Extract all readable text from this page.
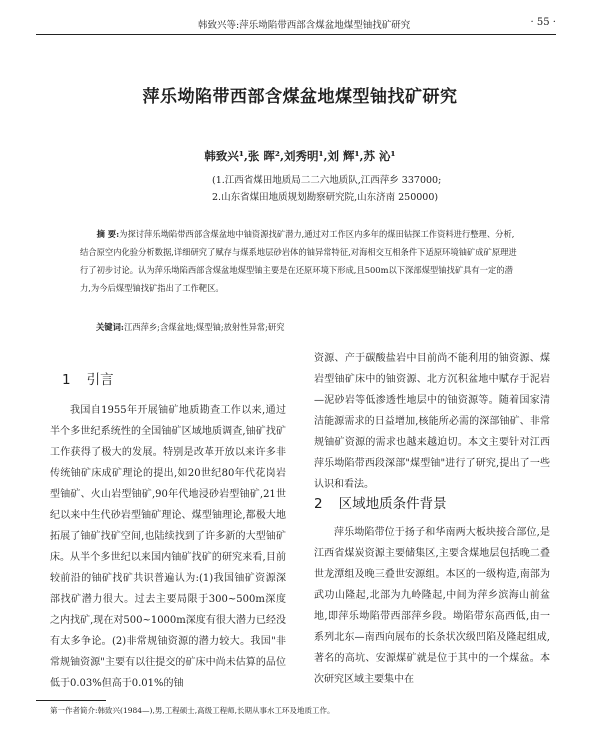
韩致兴等:萍乐坳陷带西部含煤盆地煤型铀找矿研究	· 55 ·
萍乐坳陷带西部含煤盆地煤型铀找矿研究
韩致兴¹,张 晖²,刘秀明¹,刘 辉¹,苏 沁¹
(1.江西省煤田地质局二二六地质队,江西萍乡 337000;
2.山东省煤田地质规划勘察研究院,山东济南 250000)

摘 要:为探讨萍乐坳陷带西部含煤盆地中铀资源找矿潜力,通过对工作区内多年的煤田钻探工作资料进行整理、分析,结合原空内化验分析数据,详细研究了赋存与煤系地层砂岩体的铀异常特征,对海相交互相条件下适原环境铀矿成矿原理进行了初步讨论。认为萍乐坳陷西部含煤盆地煤型铀主要是在还原环境下形成,且500m以下深部煤型铀找矿具有一定的潜力,为今后煤型铀找矿指出了工作靶区。

关键词:江西萍乡;含煤盆地;煤型铀;放射性异常;研究
1 引言

我国自1955年开展铀矿地质勘查工作以来,通过半个多世纪系统性的全国铀矿区域地质调查,铀矿找矿工作获得了极大的发展。特别是改革开放以来许多非传统铀矿床成矿理论的提出,如20世纪80年代花岗岩型铀矿、火山岩型铀矿,90年代地浸砂岩型铀矿,21世纪以来中生代砂岩型铀矿理论、煤型铀理论,都极大地拓展了铀矿找矿空间,也陆续找到了许多新的大型铀矿床。 从半个多世纪以来国内铀矿找矿的研究来看,目前较前沿的铀矿找矿共识普遍认为:(1)我国铀矿资源深部找矿潜力很大。过去主要局限于300~500m深度之内找矿,现在对500~1000m深度有很大潜力已经没有太多争论。(2)非常规铀资源的潜力较大。我国"非常规铀资源"主要有以往提交的矿床中尚未估算的品位低于0.03%但高于0.01%的铀

资源、产于碳酸盐岩中目前尚不能利用的铀资源、煤岩型铀矿床中的铀资源、北方沉积盆地中赋存于泥岩—泥砂岩等低渗透性地层中的铀资源等。随着国家清洁能源需求的日益增加,核能所必需的深部铀矿、非常规铀矿资源的需求也越来越迫切。本文主要针对江西萍乐坳陷带西段深部"煤型铀"进行了研究,提出了一些认识和看法。

2 区域地质条件背景

萍乐坳陷带位于扬子和华南两大板块接合部位,是江西省煤炭资源主要储集区,主要含煤地层包括晚二叠世龙潭组及晚三叠世安源组。本区的一级构造,南部为武功山隆起,北部为九岭隆起,中间为萍乡滨海山前盆地,即萍乐坳陷带西部萍乡段。坳陷带东高西低,由一系列北东—南西向展布的长条状次级凹陷及隆起组成,著名的高坑、安源煤矿就是位于其中的一个煤盆。本次研究区域主要集中在

第一作者简介:韩致兴(1984—),男,工程硕士,高级工程师,长期从事水工环及地质工作。
